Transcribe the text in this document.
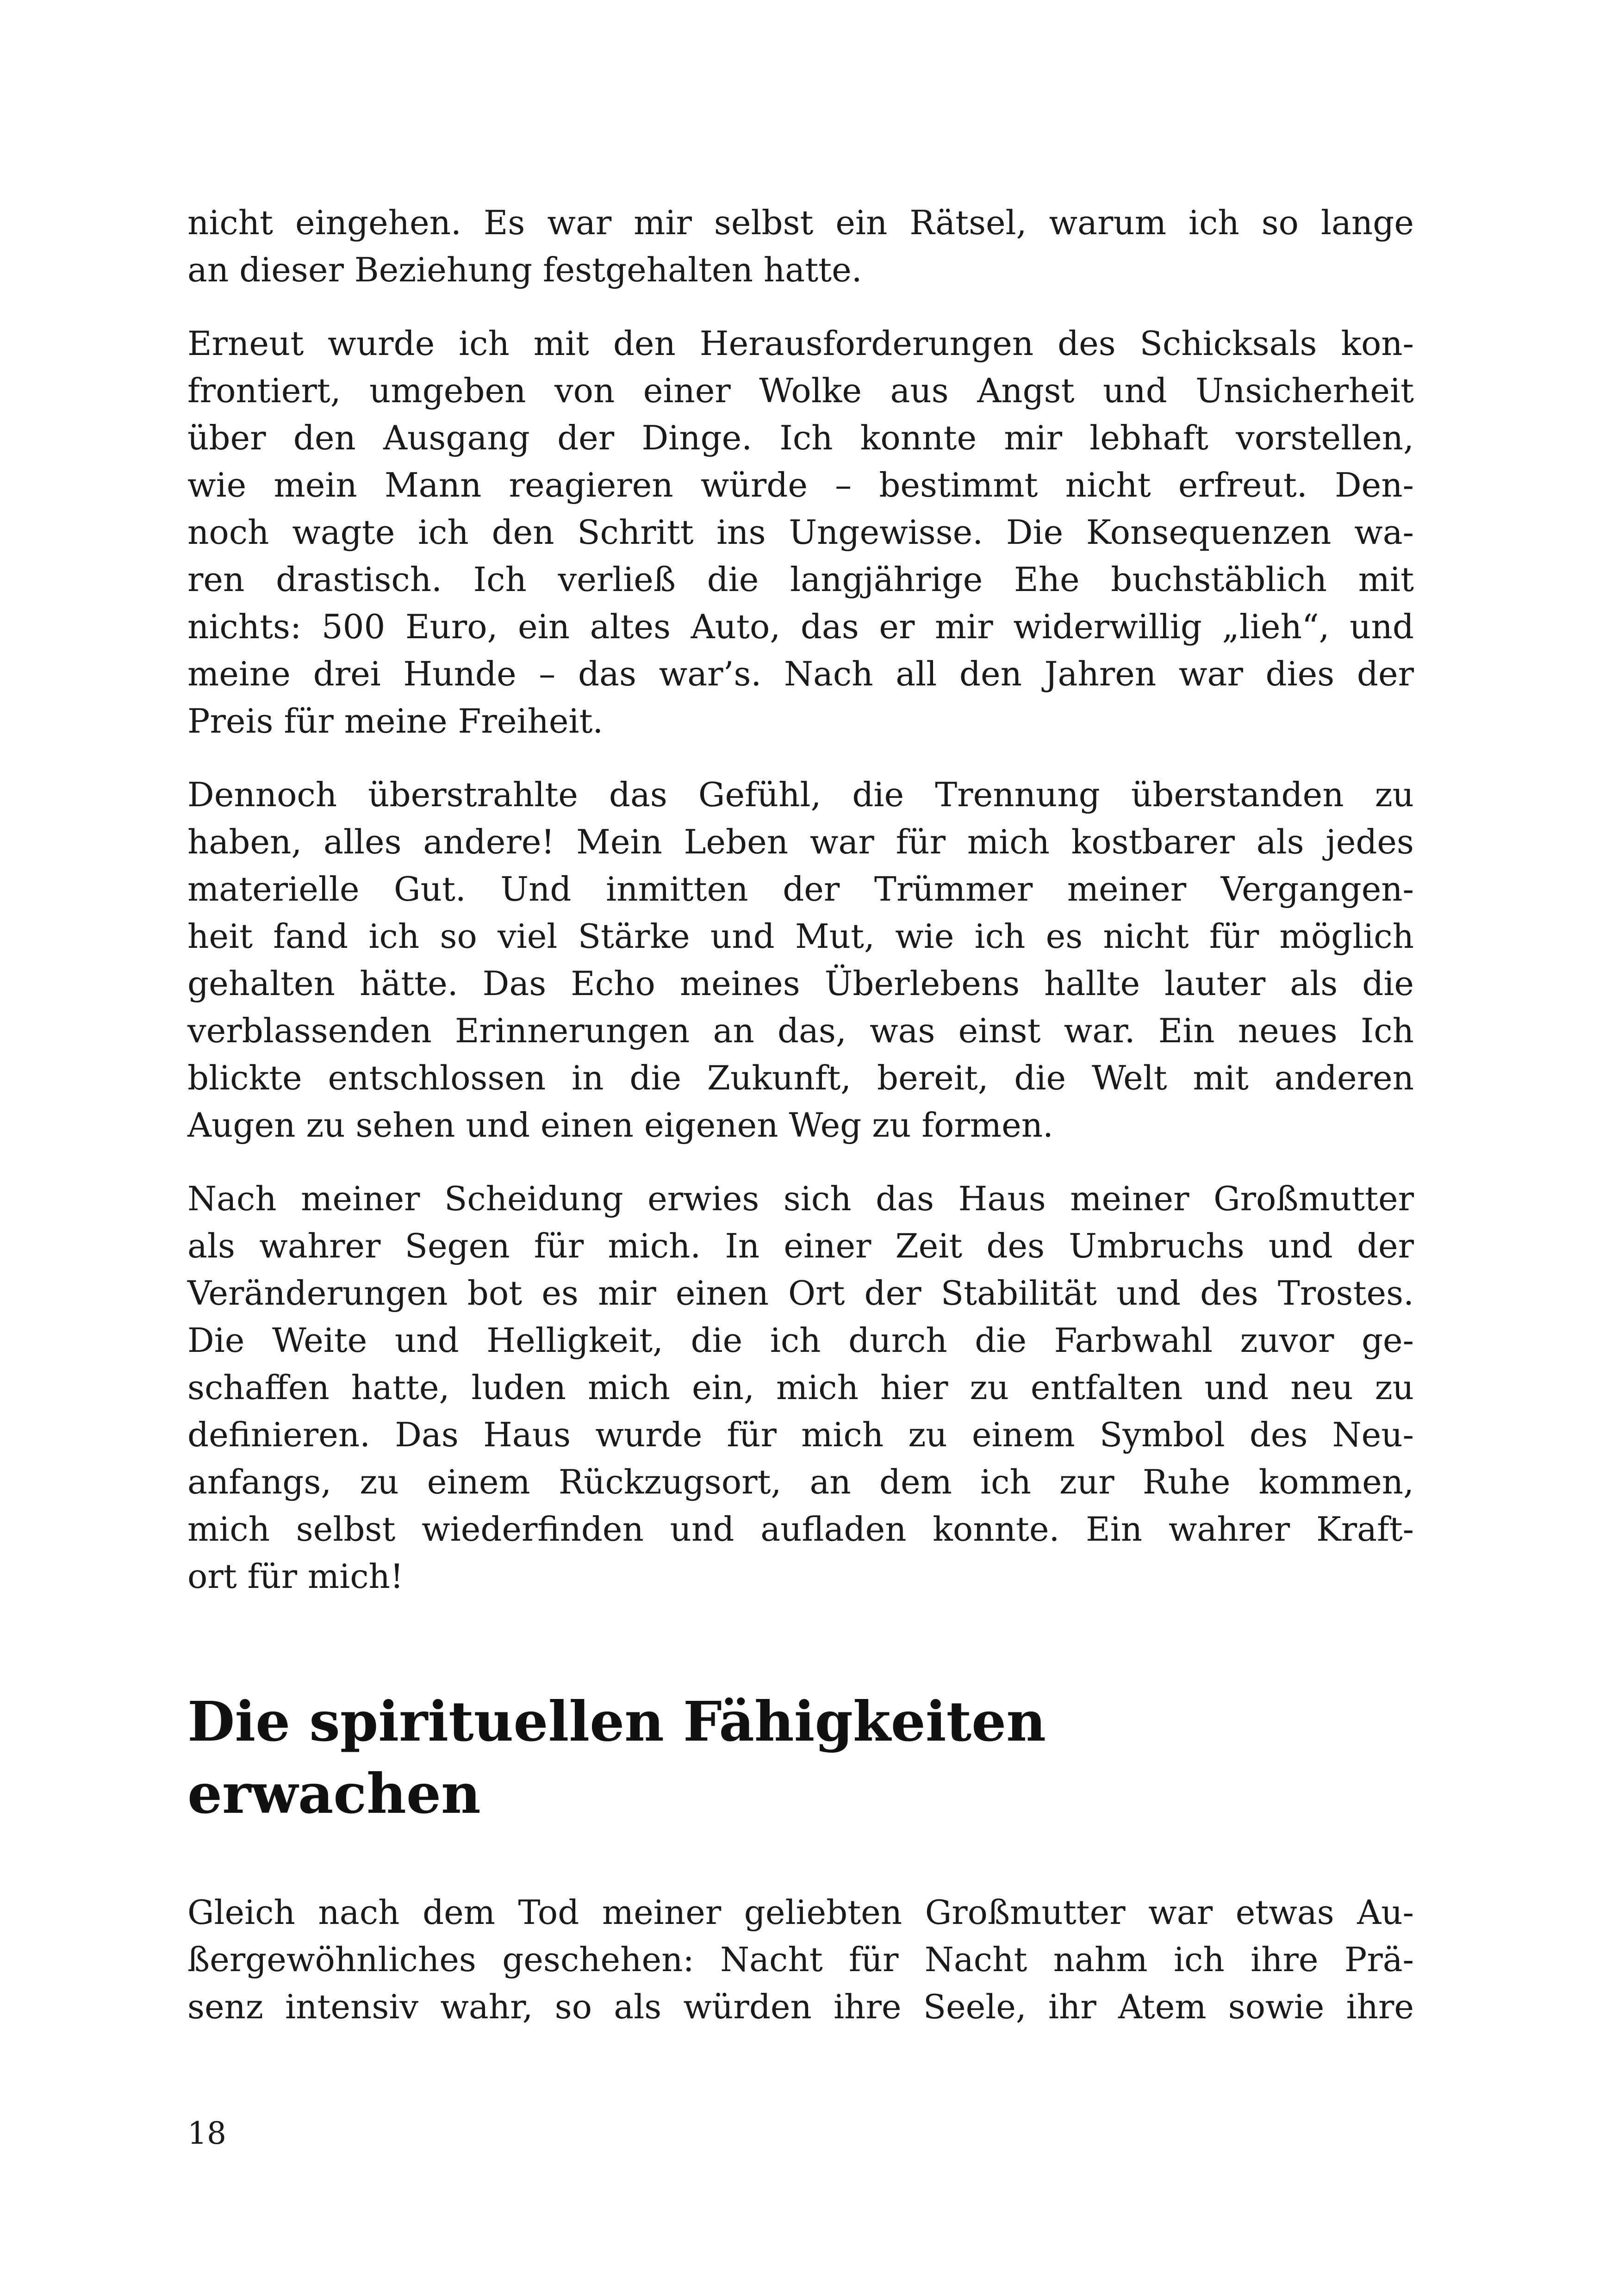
nicht eingehen. Es war mir selbst ein Rätsel, warum ich so lange
an dieser Beziehung festgehalten hatte.
Erneut wurde ich mit den Herausforderungen des Schicksals kon-
frontiert, umgeben von einer Wolke aus Angst und Unsicherheit
über den Ausgang der Dinge. Ich konnte mir lebhaft vorstellen,
wie mein Mann reagieren würde – bestimmt nicht erfreut. Den-
noch wagte ich den Schritt ins Ungewisse. Die Konsequenzen wa-
ren drastisch. Ich verließ die langjährige Ehe buchstäblich mit
nichts: 500 Euro, ein altes Auto, das er mir widerwillig „lieh“, und
meine drei Hunde – das war’s. Nach all den Jahren war dies der
Preis für meine Freiheit.
Dennoch überstrahlte das Gefühl, die Trennung überstanden zu
haben, alles andere! Mein Leben war für mich kostbarer als jedes
materielle Gut. Und inmitten der Trümmer meiner Vergangen-
heit fand ich so viel Stärke und Mut, wie ich es nicht für möglich
gehalten hätte. Das Echo meines Überlebens hallte lauter als die
verblassenden Erinnerungen an das, was einst war. Ein neues Ich
blickte entschlossen in die Zukunft, bereit, die Welt mit anderen
Augen zu sehen und einen eigenen Weg zu formen.
Nach meiner Scheidung erwies sich das Haus meiner Großmutter
als wahrer Segen für mich. In einer Zeit des Umbruchs und der
Veränderungen bot es mir einen Ort der Stabilität und des Trostes.
Die Weite und Helligkeit, die ich durch die Farbwahl zuvor ge-
schaffen hatte, luden mich ein, mich hier zu entfalten und neu zu
definieren. Das Haus wurde für mich zu einem Symbol des Neu-
anfangs, zu einem Rückzugsort, an dem ich zur Ruhe kommen,
mich selbst wiederfinden und aufladen konnte. Ein wahrer Kraft-
ort für mich!
Die spirituellen Fähigkeiten
erwachen
Gleich nach dem Tod meiner geliebten Großmutter war etwas Au-
ßergewöhnliches geschehen: Nacht für Nacht nahm ich ihre Prä-
senz intensiv wahr, so als würden ihre Seele, ihr Atem sowie ihre
18
